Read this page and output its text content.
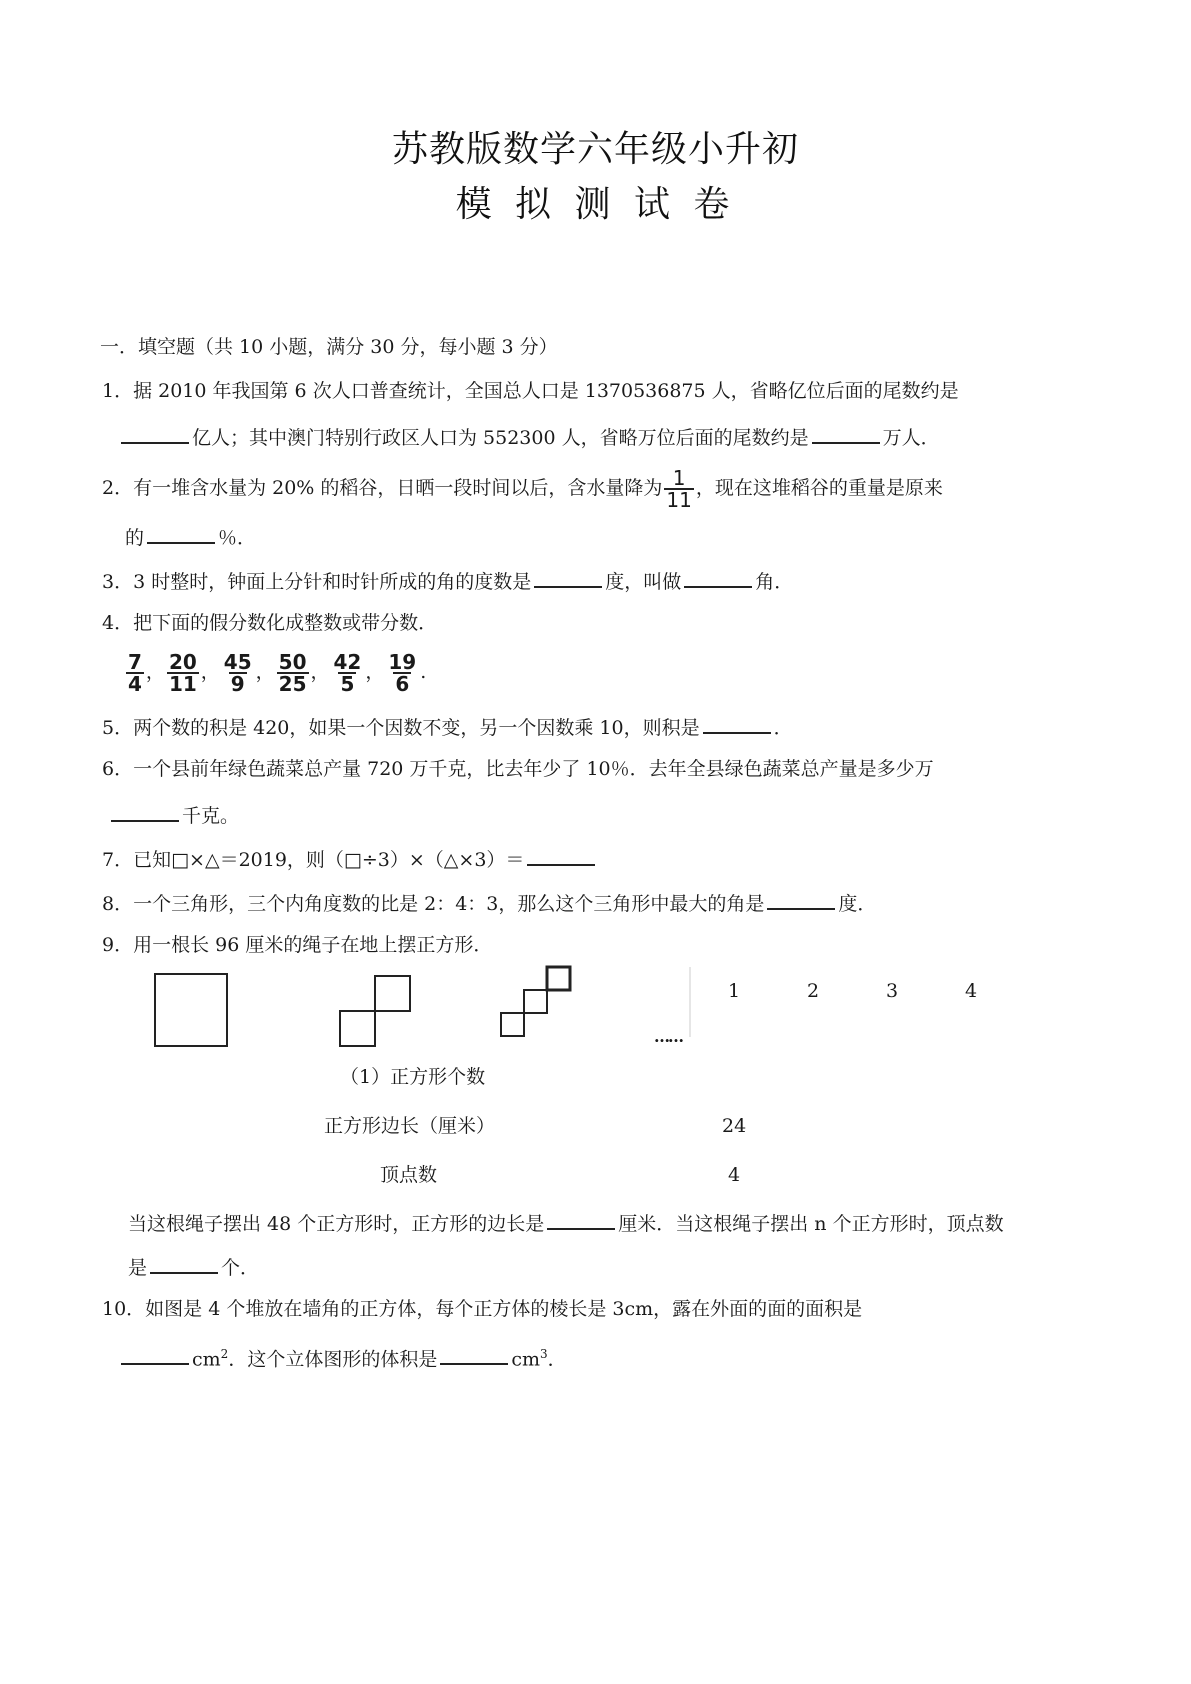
苏教版数学六年级小升初
模 拟 测 试 卷
一．填空题（共 10 小题，满分 30 分，每小题 3 分）
1．据 2010 年我国第 6 次人口普查统计，全国总人口是 1370536875 人，省略亿位后面的尾数约是
亿人；其中澳门特别行政区人口为 552300 人，省略万位后面的尾数约是	万人．
2．有一堆含水量为 20% 的稻谷，日晒一段时间以后，含水量降为 $\frac{1}{11}$ ，现在这堆稻谷的重量是原来
的	％．
3．3 时整时，钟面上分针和时针所成的角的度数是	度，叫做	角．
4．把下面的假分数化成整数或带分数．
$\frac{7}{4}$ ， $\frac{20}{11}$ ， $\frac{45}{9}$ ， $\frac{50}{25}$ ， $\frac{42}{5}$ ， $\frac{19}{6}$ .
5．两个数的积是 420，如果一个因数不变，另一个因数乘 10，则积是	．
6．一个县前年绿色蔬菜总产量 720 万千克，比去年少了 10％．去年全县绿色蔬菜总产量是多少万
千克。
7．已知□×△＝2019，则（□÷3）×（△×3）＝
8．一个三角形，三个内角度数的比是 2：4：3，那么这个三角形中最大的角是	度．
9．用一根长 96 厘米的绳子在地上摆正方形．
……
1	2	3	4
（1）正方形个数
正方形边长（厘米）	24
顶点数	4
当这根绳子摆出 48 个正方形时，正方形的边长是	厘米．当这根绳子摆出 n 个正方形时，顶点数
是	个．
10．如图是 4 个堆放在墙角的正方体，每个正方体的棱长是 3cm，露在外面的面的面积是
$cm^2$．这个立体图形的体积是	$cm^3$．
